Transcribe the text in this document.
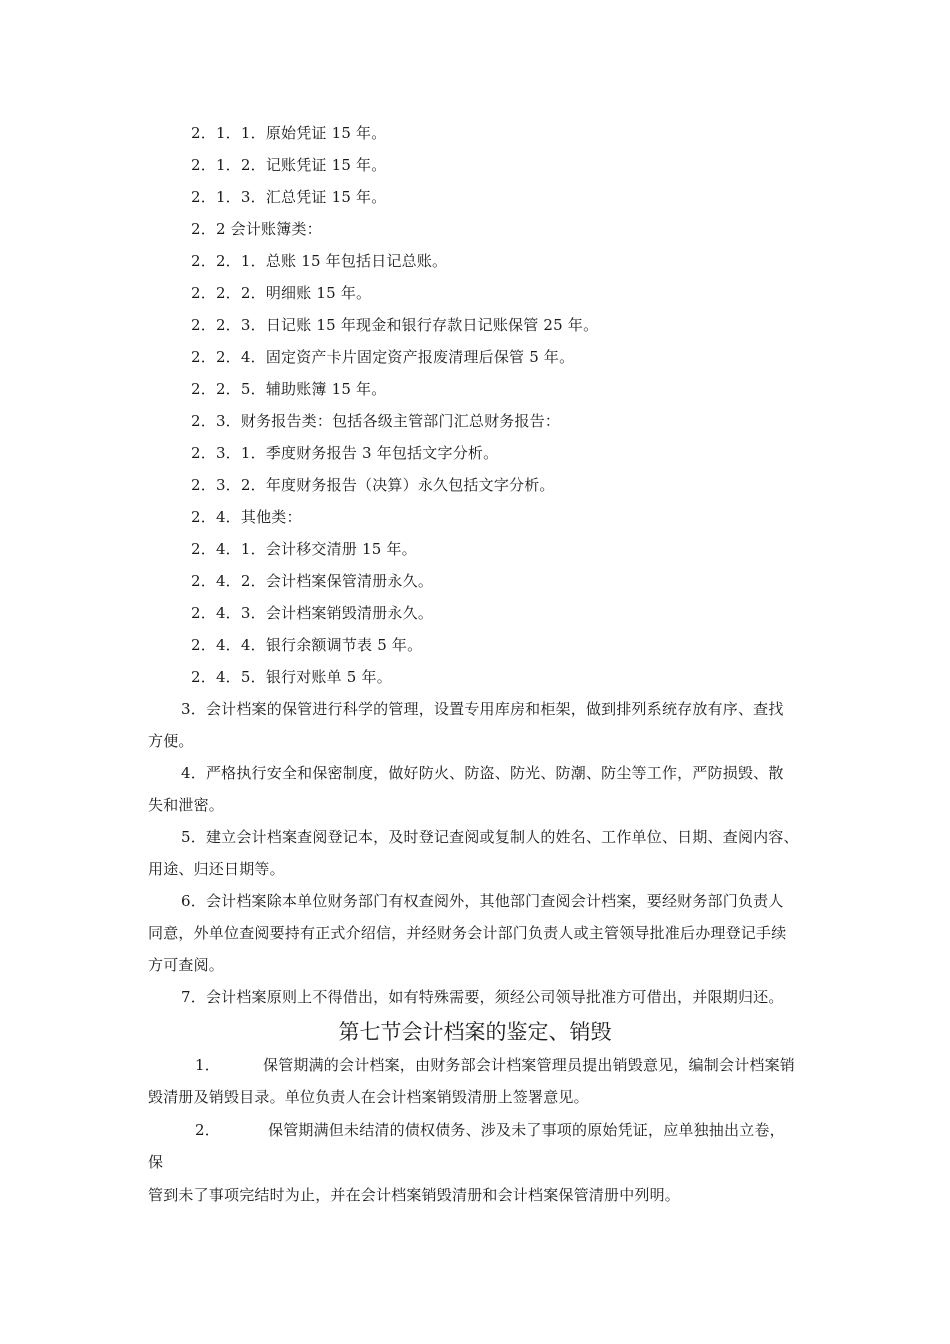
2．1．1．原始凭证 15 年。
2．1．2．记账凭证 15 年。
2．1．3．汇总凭证 15 年。
2．2 会计账簿类：
2．2．1．总账 15 年包括日记总账。
2．2．2．明细账 15 年。
2．2．3．日记账 15 年现金和银行存款日记账保管 25 年。
2．2．4．固定资产卡片固定资产报废清理后保管 5 年。
2．2．5．辅助账簿 15 年。
2．3．财务报告类：包括各级主管部门汇总财务报告：
2．3．1．季度财务报告 3 年包括文字分析。
2．3．2．年度财务报告（决算）永久包括文字分析。
2．4．其他类：
2．4．1．会计移交清册 15 年。
2．4．2．会计档案保管清册永久。
2．4．3．会计档案销毁清册永久。
2．4．4．银行余额调节表 5 年。
2．4．5．银行对账单 5 年。
3．会计档案的保管进行科学的管理，设置专用库房和柜架，做到排列系统存放有序、查找
方便。
4．严格执行安全和保密制度，做好防火、防盗、防光、防潮、防尘等工作，严防损毁、散
失和泄密。
5．建立会计档案查阅登记本，及时登记查阅或复制人的姓名、工作单位、日期、查阅内容、
用途、归还日期等。
6．会计档案除本单位财务部门有权查阅外，其他部门查阅会计档案，要经财务部门负责人
同意，外单位查阅要持有正式介绍信，并经财务会计部门负责人或主管领导批准后办理登记手续
方可查阅。
7．会计档案原则上不得借出，如有特殊需要，须经公司领导批准方可借出，并限期归还。
第七节会计档案的鉴定、销毁
1．	保管期满的会计档案，由财务部会计档案管理员提出销毁意见，编制会计档案销
毁清册及销毁目录。单位负责人在会计档案销毁清册上签署意见。
2．	保管期满但未结清的债权债务、涉及未了事项的原始凭证，应单独抽出立卷，
保
管到未了事项完结时为止，并在会计档案销毁清册和会计档案保管清册中列明。
